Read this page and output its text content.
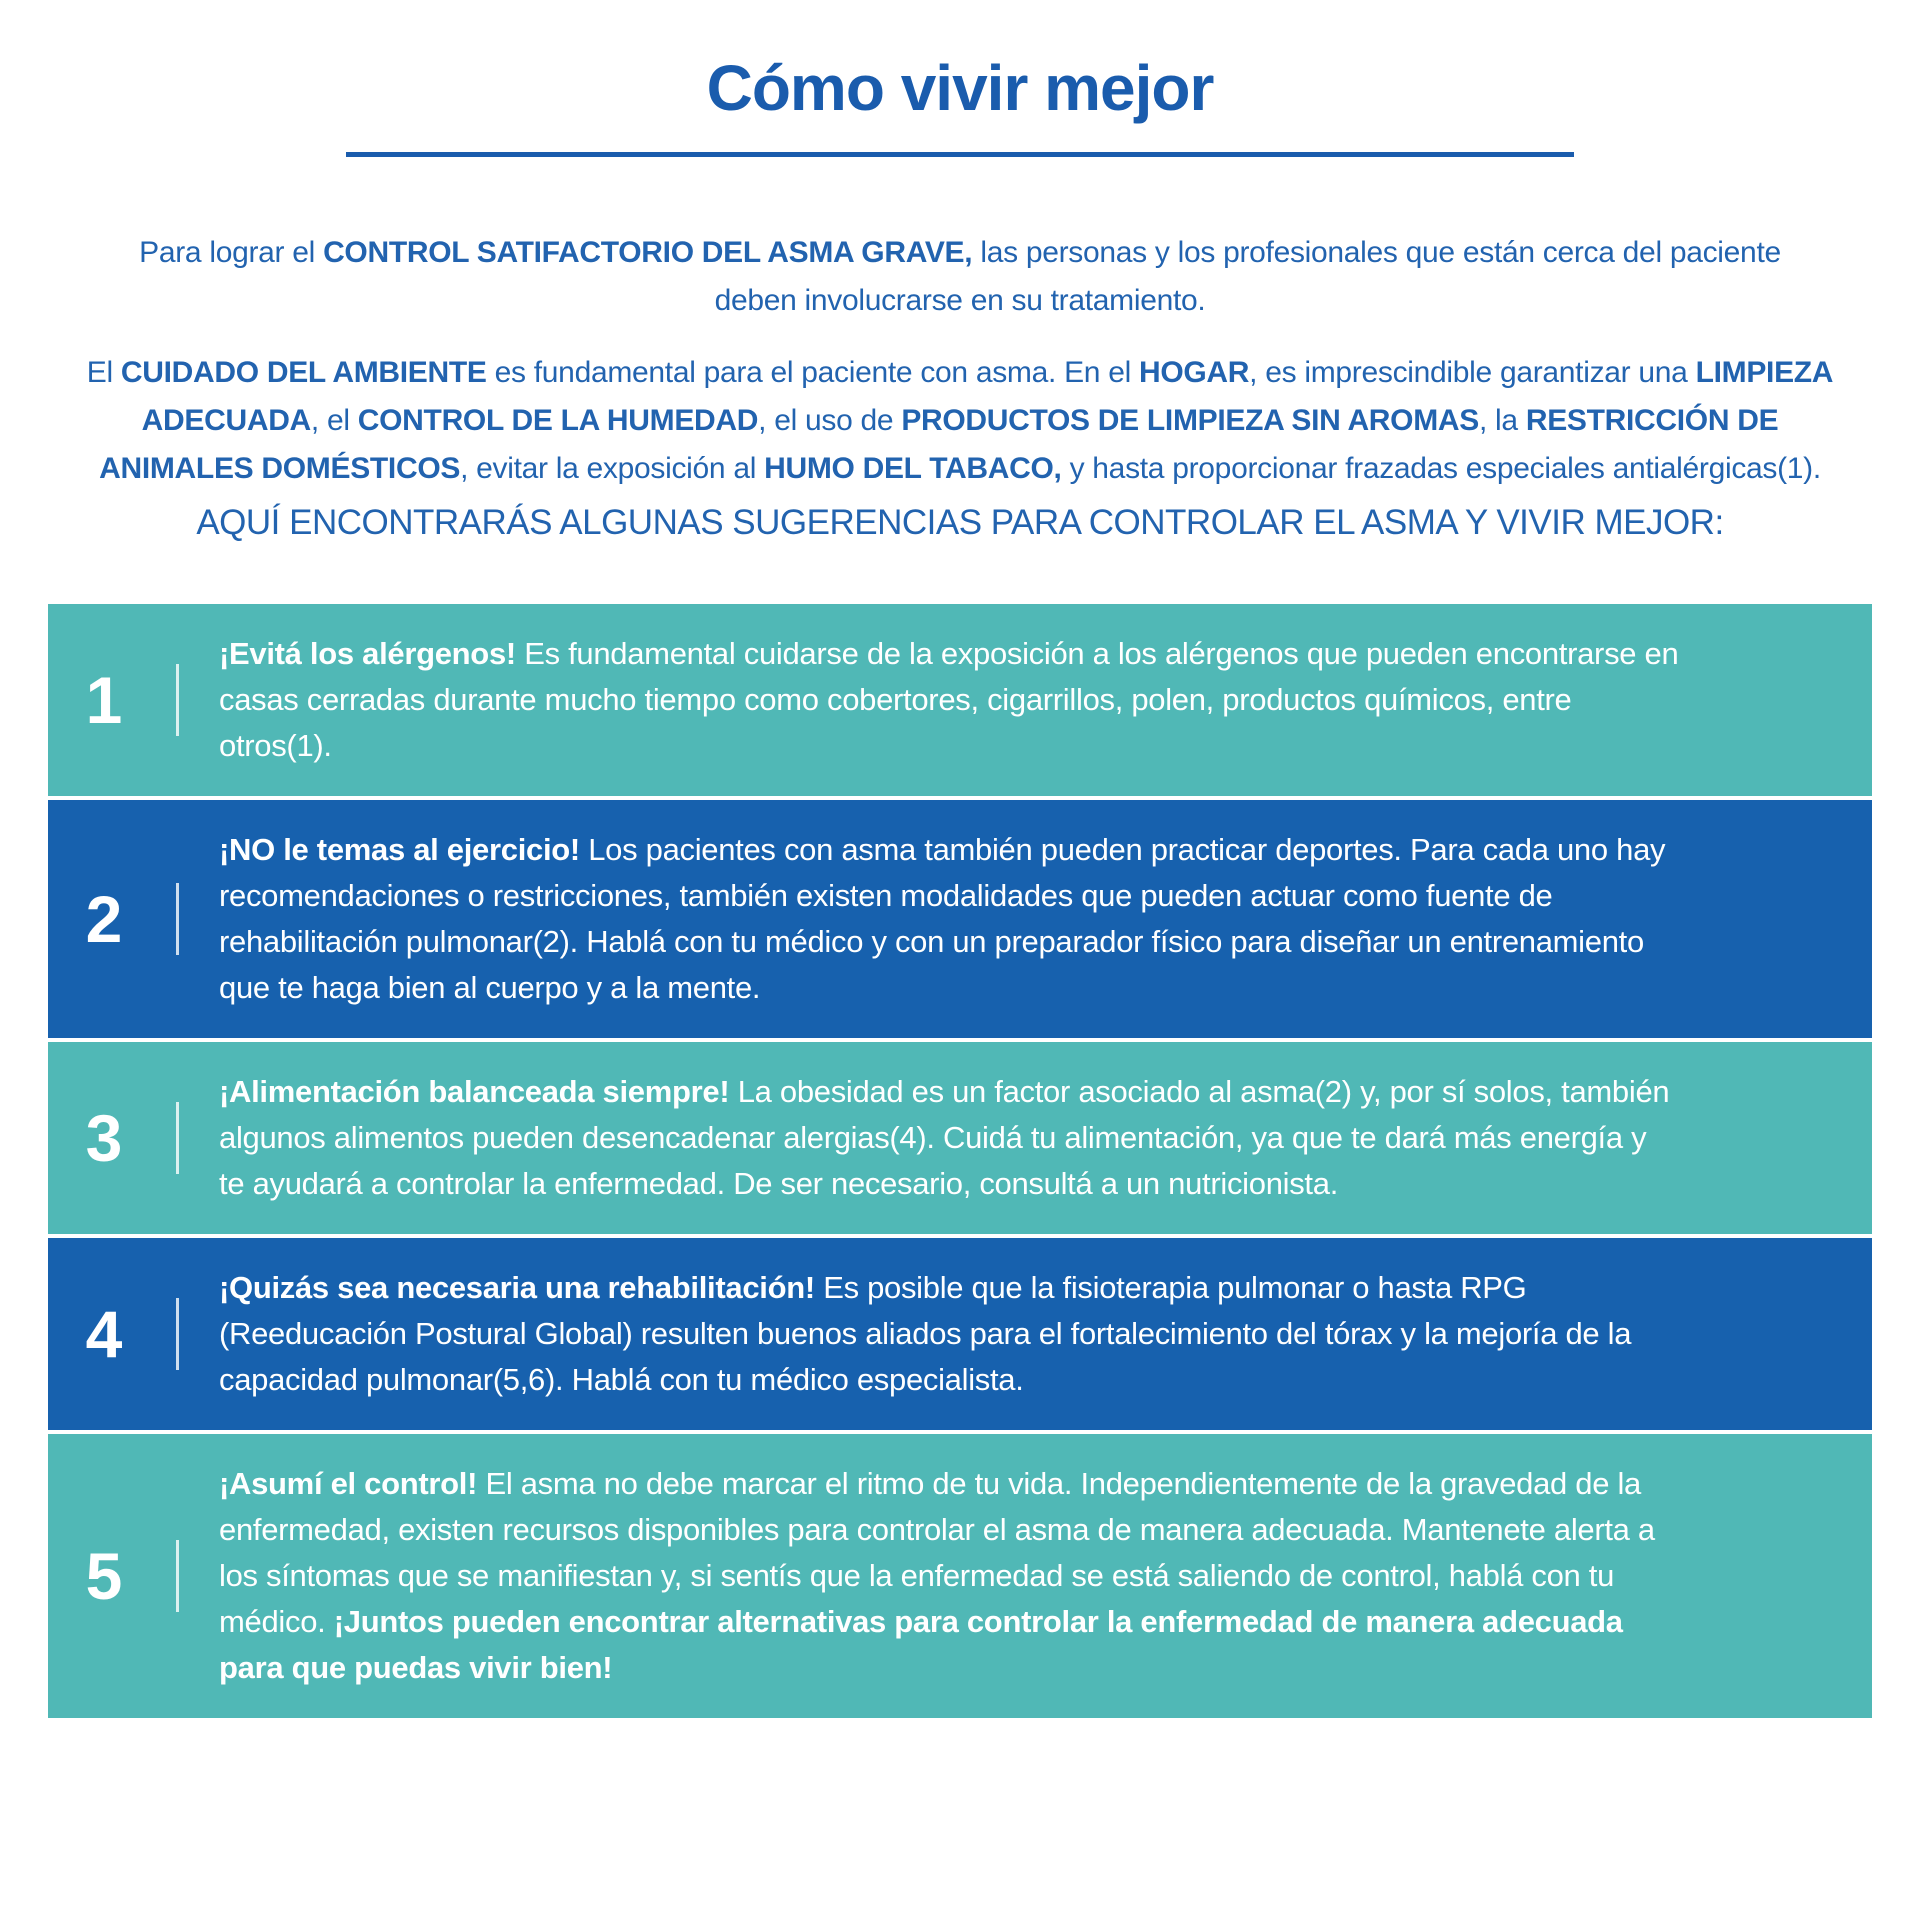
Cómo vivir mejor

Para lograr el CONTROL SATIFACTORIO DEL ASMA GRAVE, las personas y los profesionales que están cerca del paciente deben involucrarse en su tratamiento.

El CUIDADO DEL AMBIENTE es fundamental para el paciente con asma. En el HOGAR, es imprescindible garantizar una LIMPIEZA ADECUADA, el CONTROL DE LA HUMEDAD, el uso de PRODUCTOS DE LIMPIEZA SIN AROMAS, la RESTRICCIÓN DE ANIMALES DOMÉSTICOS, evitar la exposición al HUMO DEL TABACO, y hasta proporcionar frazadas especiales antialérgicas(1).

AQUÍ ENCONTRARÁS ALGUNAS SUGERENCIAS PARA CONTROLAR EL ASMA Y VIVIR MEJOR:

1

¡Evitá los alérgenos! Es fundamental cuidarse de la exposición a los alérgenos que pueden encontrarse en casas cerradas durante mucho tiempo como cobertores, cigarrillos, polen, productos químicos, entre otros(1).

2

¡NO le temas al ejercicio! Los pacientes con asma también pueden practicar deportes. Para cada uno hay recomendaciones o restricciones, también existen modalidades que pueden actuar como fuente de rehabilitación pulmonar(2). Hablá con tu médico y con un preparador físico para diseñar un entrenamiento que te haga bien al cuerpo y a la mente.

3

¡Alimentación balanceada siempre! La obesidad es un factor asociado al asma(2) y, por sí solos, también algunos alimentos pueden desencadenar alergias(4). Cuidá tu alimentación, ya que te dará más energía y te ayudará a controlar la enfermedad. De ser necesario, consultá a un nutricionista.

4

¡Quizás sea necesaria una rehabilitación! Es posible que la fisioterapia pulmonar o hasta RPG (Reeducación Postural Global) resulten buenos aliados para el fortalecimiento del tórax y la mejoría de la capacidad pulmonar(5,6). Hablá con tu médico especialista.

5

¡Asumí el control! El asma no debe marcar el ritmo de tu vida. Independientemente de la gravedad de la enfermedad, existen recursos disponibles para controlar el asma de manera adecuada. Mantenete alerta a los síntomas que se manifiestan y, si sentís que la enfermedad se está saliendo de control, hablá con tu médico. ¡Juntos pueden encontrar alternativas para controlar la enfermedad de manera adecuada para que puedas vivir bien!
